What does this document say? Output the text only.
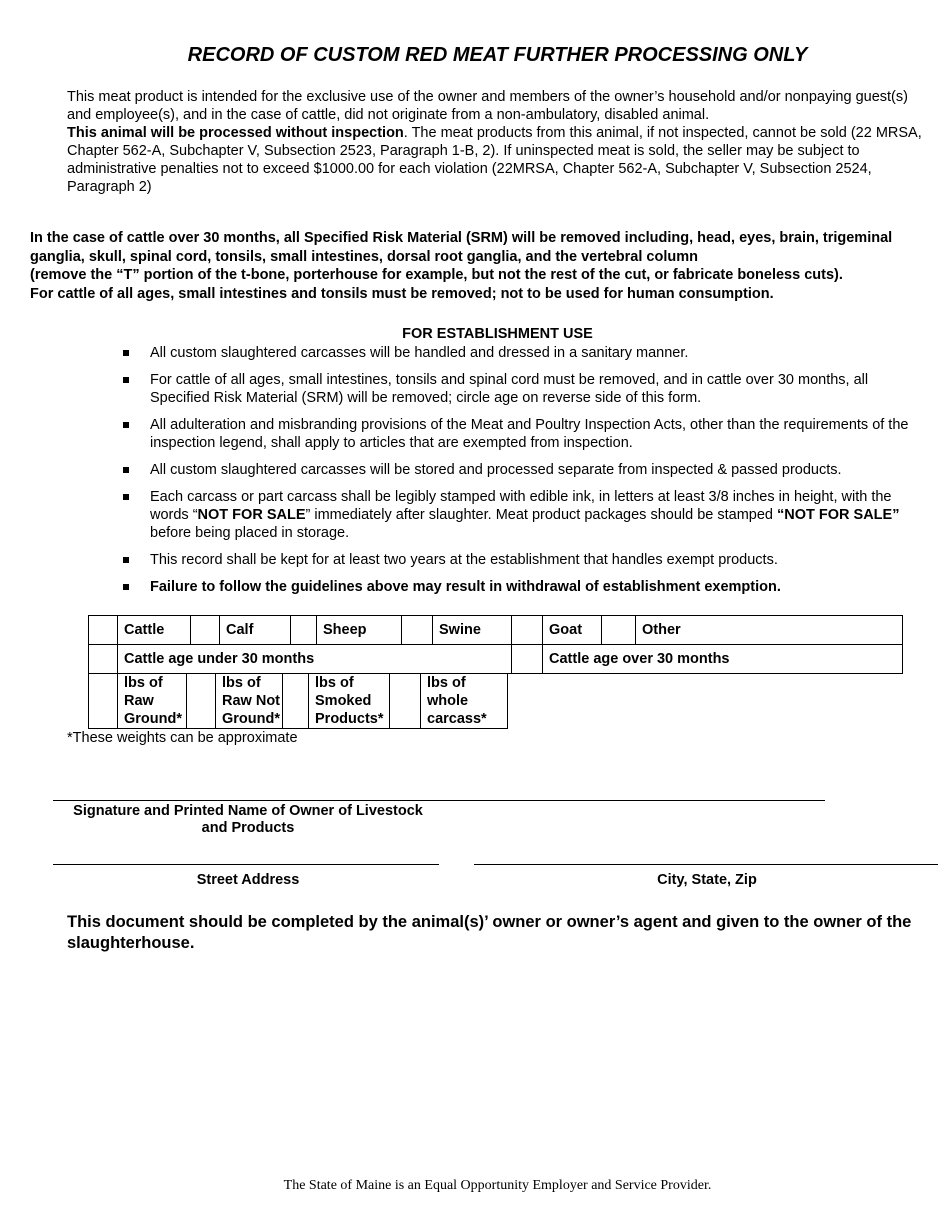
RECORD OF CUSTOM RED MEAT FURTHER PROCESSING ONLY
This meat product is intended for the exclusive use of the owner and members of the owner’s household and/or nonpaying guest(s) and employee(s), and in the case of cattle, did not originate from a non-ambulatory, disabled animal.
This animal will be processed without inspection. The meat products from this animal, if not inspected, cannot be sold (22 MRSA, Chapter 562-A, Subchapter V, Subsection 2523, Paragraph 1-B, 2). If uninspected meat is sold, the seller may be subject to administrative penalties not to exceed $1000.00 for each violation (22MRSA, Chapter 562-A, Subchapter V, Subsection 2524, Paragraph 2)
In the case of cattle over 30 months, all Specified Risk Material (SRM) will be removed including, head, eyes, brain, trigeminal ganglia, skull, spinal cord, tonsils, small intestines, dorsal root ganglia, and the vertebral column
(remove the “T” portion of the t-bone, porterhouse for example, but not the rest of the cut, or fabricate boneless cuts).
For cattle of all ages, small intestines and tonsils must be removed; not to be used for human consumption.
FOR ESTABLISHMENT USE
All custom slaughtered carcasses will be handled and dressed in a sanitary manner.
For cattle of all ages, small intestines, tonsils and spinal cord must be removed, and in cattle over 30 months, all Specified Risk Material (SRM) will be removed; circle age on reverse side of this form.
All adulteration and misbranding provisions of the Meat and Poultry Inspection Acts, other than the requirements of the inspection legend, shall apply to articles that are exempted from inspection.
All custom slaughtered carcasses will be stored and processed separate from inspected & passed products.
Each carcass or part carcass shall be legibly stamped with edible ink, in letters at least 3/8 inches in height, with the words “NOT FOR SALE” immediately after slaughter. Meat product packages should be stamped “NOT FOR SALE” before being placed in storage.
This record shall be kept for at least two years at the establishment that handles exempt products.
Failure to follow the guidelines above may result in withdrawal of establishment exemption.
	Cattle		Calf		Sheep		Swine		Goat		Other
	Cattle age under 30 months								Cattle age over 30 months		
	lbs of
Raw
Ground*		lbs of
Raw Not
Ground*		lbs of
Smoked
Products*		lbs of
whole
carcass*
*These weights can be approximate
Signature and Printed Name of Owner of Livestock
and Products
Street Address	City, State, Zip
This document should be completed by the animal(s)’ owner or owner’s agent and given to the owner of the slaughterhouse.
The State of Maine is an Equal Opportunity Employer and Service Provider.
